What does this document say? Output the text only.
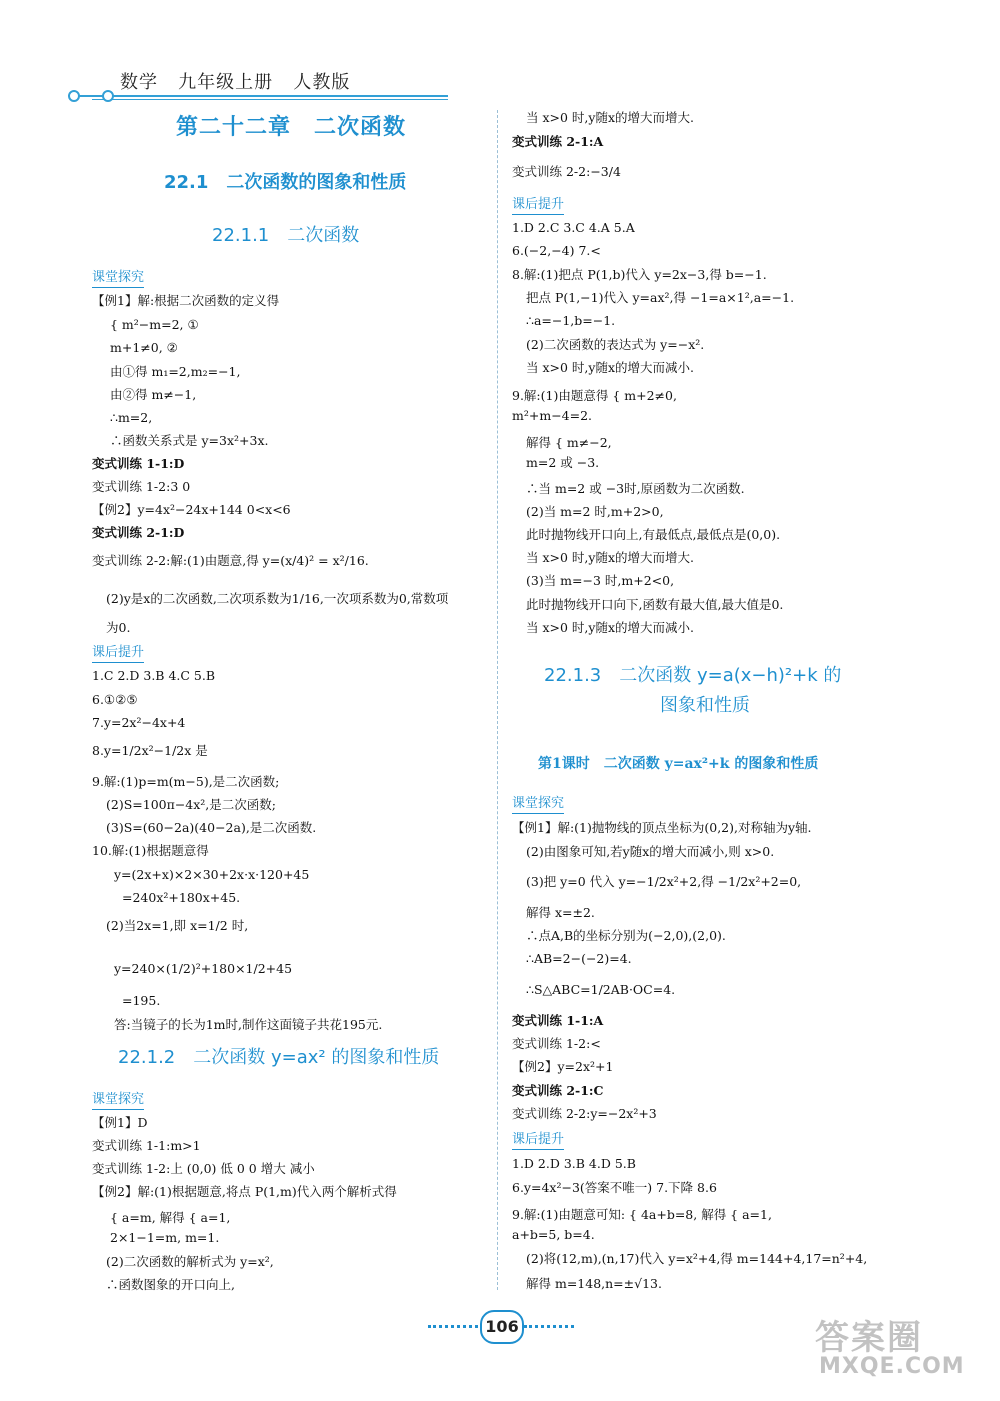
数学   九年级上册   人教版
第二十二章　二次函数
22.1　二次函数的图象和性质
22.1.1　二次函数
课堂探究
【例1】解:根据二次函数的定义得
{ m²−m=2, ①
m+1≠0, ②
由①得 m₁=2,m₂=−1,
由②得 m≠−1,
∴m=2,
∴函数关系式是 y=3x²+3x.
变式训练 1-1:D
变式训练 1-2:3 0
【例2】y=4x²−24x+144 0<x<6
变式训练 2-1:D
变式训练 2-2:解:(1)由题意,得 y=(x/4)² = x²/16.
(2)y是x的二次函数,二次项系数为1/16,一次项系数为0,常数项
为0.
课后提升
1.C 2.D 3.B 4.C 5.B
6.①②⑤
7.y=2x²−4x+4
8.y=1/2x²−1/2x 是
9.解:(1)p=m(m−5),是二次函数;
(2)S=100π−4x²,是二次函数;
(3)S=(60−2a)(40−2a),是二次函数.
10.解:(1)根据题意得
y=(2x+x)×2×30+2x·x·120+45
=240x²+180x+45.
(2)当2x=1,即 x=1/2 时,
y=240×(1/2)²+180×1/2+45
=195.
答:当镜子的长为1m时,制作这面镜子共花195元.
22.1.2　二次函数 y=ax² 的图象和性质
课堂探究
【例1】D
变式训练 1-1:m>1
变式训练 1-2:上 (0,0) 低 0 0 增大 减小
【例2】解:(1)根据题意,将点 P(1,m)代入两个解析式得
{ a=m, 解得 { a=1,
2×1−1=m, m=1.
(2)二次函数的解析式为 y=x²,
∴函数图象的开口向上,
当 x>0 时,y随x的增大而增大.
变式训练 2-1:A
变式训练 2-2:−3/4
课后提升
1.D 2.C 3.C 4.A 5.A
6.(−2,−4) 7.<
8.解:(1)把点 P(1,b)代入 y=2x−3,得 b=−1.
把点 P(1,−1)代入 y=ax²,得 −1=a×1²,a=−1.
∴a=−1,b=−1.
(2)二次函数的表达式为 y=−x².
当 x>0 时,y随x的增大而减小.
9.解:(1)由题意得 { m+2≠0,
m²+m−4=2.
解得 { m≠−2,
m=2 或 −3.
∴当 m=2 或 −3时,原函数为二次函数.
(2)当 m=2 时,m+2>0,
此时抛物线开口向上,有最低点,最低点是(0,0).
当 x>0 时,y随x的增大而增大.
(3)当 m=−3 时,m+2<0,
此时抛物线开口向下,函数有最大值,最大值是0.
当 x>0 时,y随x的增大而减小.
22.1.3　二次函数 y=a(x−h)²+k 的
图象和性质
第1课时　二次函数 y=ax²+k 的图象和性质
课堂探究
【例1】解:(1)抛物线的顶点坐标为(0,2),对称轴为y轴.
(2)由图象可知,若y随x的增大而减小,则 x>0.
(3)把 y=0 代入 y=−1/2x²+2,得 −1/2x²+2=0,
解得 x=±2.
∴点A,B的坐标分别为(−2,0),(2,0).
∴AB=2−(−2)=4.
∴S△ABC=1/2AB·OC=4.
变式训练 1-1:A
变式训练 1-2:<
【例2】y=2x²+1
变式训练 2-1:C
变式训练 2-2:y=−2x²+3
课后提升
1.D 2.D 3.B 4.D 5.B
6.y=4x²−3(答案不唯一) 7.下降 8.6
9.解:(1)由题意可知: { 4a+b=8, 解得 { a=1,
a+b=5, b=4.
(2)将(12,m),(n,17)代入 y=x²+4,得 m=144+4,17=n²+4,
解得 m=148,n=±√13.
106	答案圈
MXQE.COM
